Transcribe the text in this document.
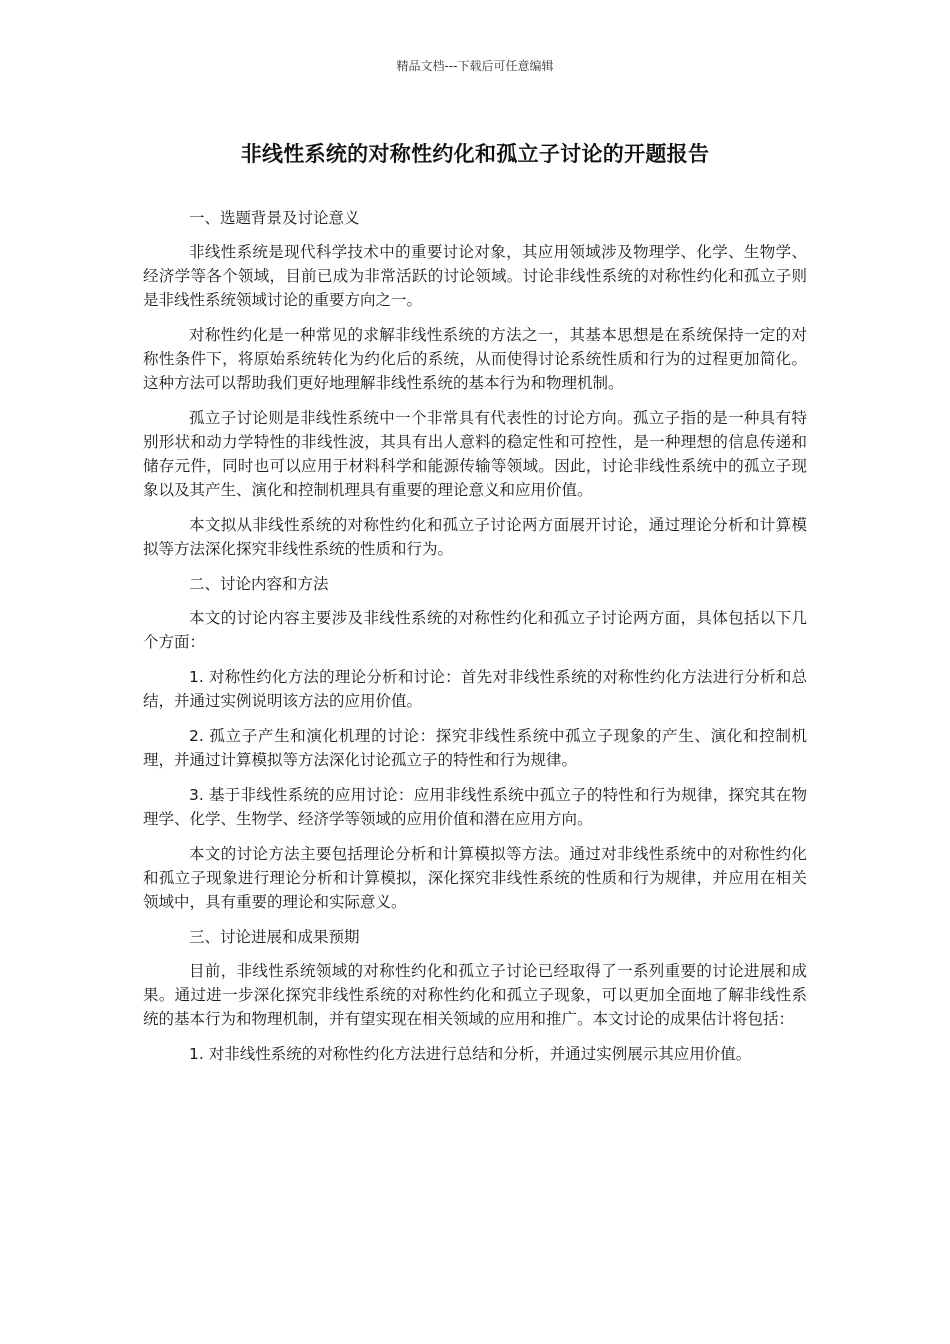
精品文档---下载后可任意编辑
非线性系统的对称性约化和孤立子讨论的开题报告

一、选题背景及讨论意义

非线性系统是现代科学技术中的重要讨论对象，其应用领域涉及物理学、化学、生物学、经济学等各个领域，目前已成为非常活跃的讨论领域。讨论非线性系统的对称性约化和孤立子则是非线性系统领域讨论的重要方向之一。

对称性约化是一种常见的求解非线性系统的方法之一，其基本思想是在系统保持一定的对称性条件下，将原始系统转化为约化后的系统，从而使得讨论系统性质和行为的过程更加简化。这种方法可以帮助我们更好地理解非线性系统的基本行为和物理机制。

孤立子讨论则是非线性系统中一个非常具有代表性的讨论方向。孤立子指的是一种具有特别形状和动力学特性的非线性波，其具有出人意料的稳定性和可控性，是一种理想的信息传递和储存元件，同时也可以应用于材料科学和能源传输等领域。因此，讨论非线性系统中的孤立子现象以及其产生、演化和控制机理具有重要的理论意义和应用价值。

本文拟从非线性系统的对称性约化和孤立子讨论两方面展开讨论，通过理论分析和计算模拟等方法深化探究非线性系统的性质和行为。

二、讨论内容和方法

本文的讨论内容主要涉及非线性系统的对称性约化和孤立子讨论两方面，具体包括以下几个方面：

1. 对称性约化方法的理论分析和讨论：首先对非线性系统的对称性约化方法进行分析和总结，并通过实例说明该方法的应用价值。

2. 孤立子产生和演化机理的讨论：探究非线性系统中孤立子现象的产生、演化和控制机理，并通过计算模拟等方法深化讨论孤立子的特性和行为规律。

3. 基于非线性系统的应用讨论：应用非线性系统中孤立子的特性和行为规律，探究其在物理学、化学、生物学、经济学等领域的应用价值和潜在应用方向。

本文的讨论方法主要包括理论分析和计算模拟等方法。通过对非线性系统中的对称性约化和孤立子现象进行理论分析和计算模拟，深化探究非线性系统的性质和行为规律，并应用在相关领域中，具有重要的理论和实际意义。

三、讨论进展和成果预期

目前，非线性系统领域的对称性约化和孤立子讨论已经取得了一系列重要的讨论进展和成果。通过进一步深化探究非线性系统的对称性约化和孤立子现象，可以更加全面地了解非线性系统的基本行为和物理机制，并有望实现在相关领域的应用和推广。本文讨论的成果估计将包括：

1. 对非线性系统的对称性约化方法进行总结和分析，并通过实例展示其应用价值。
